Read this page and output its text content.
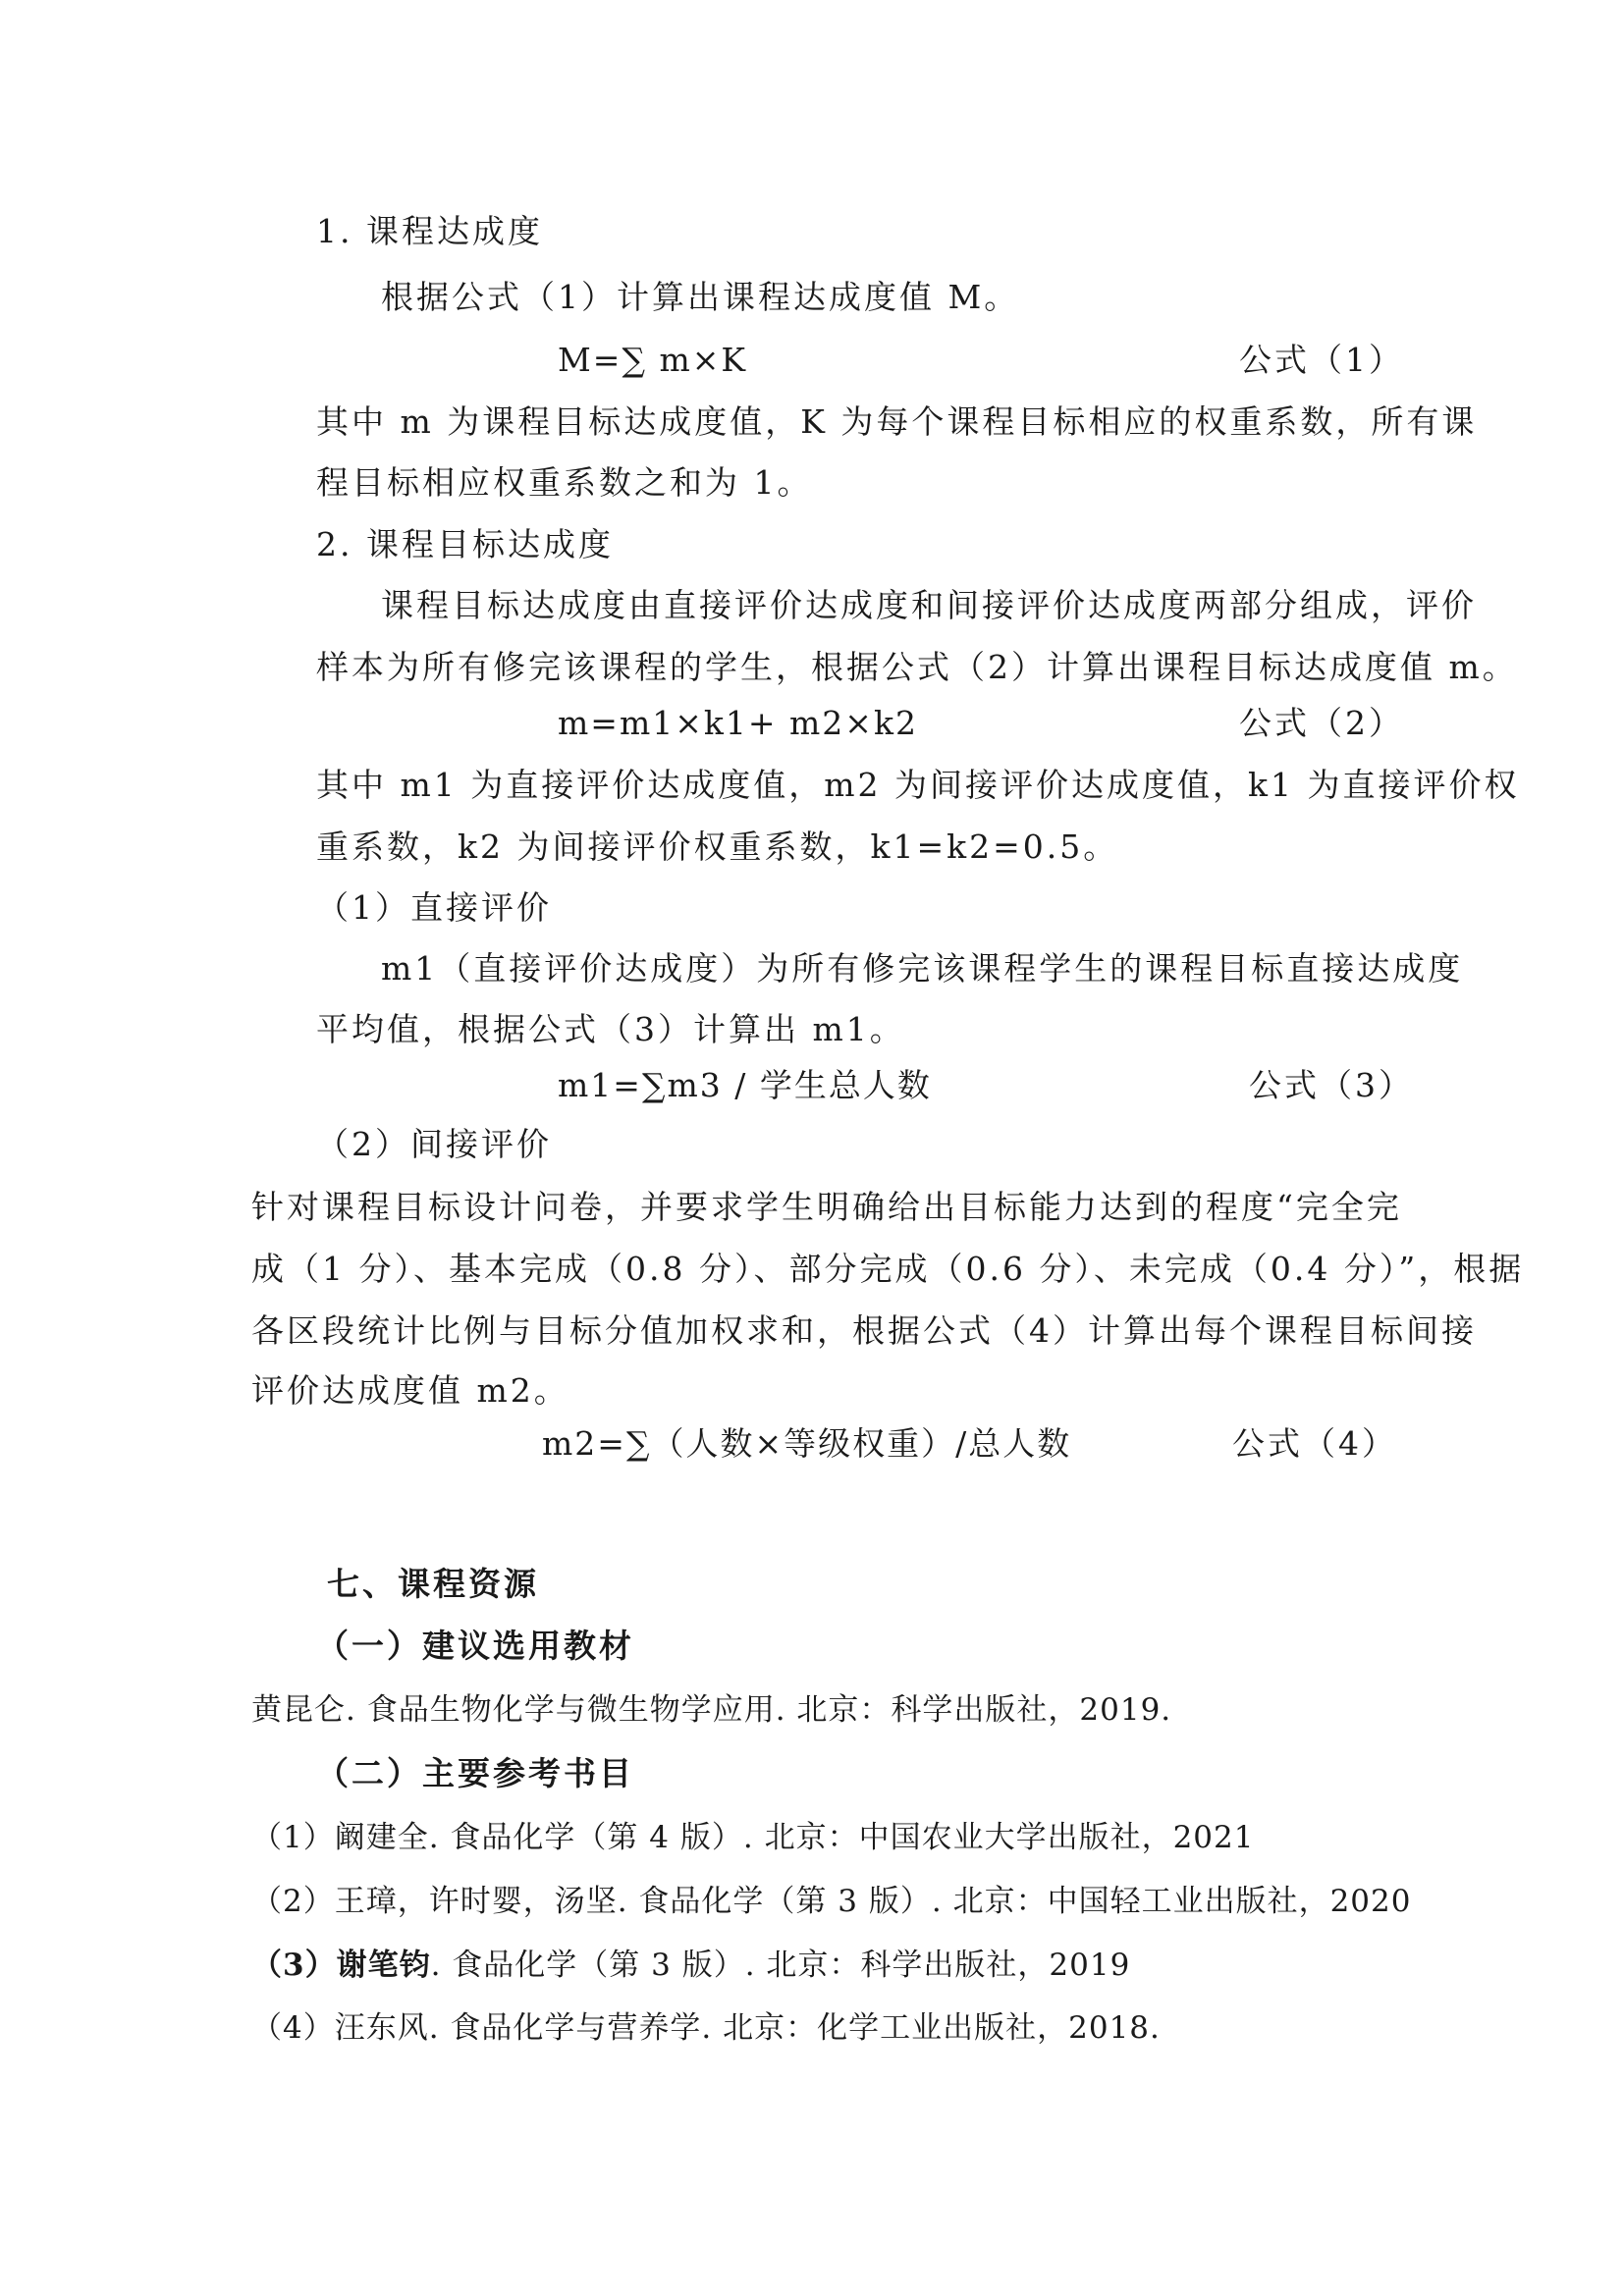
1. 课程达成度
根据公式（1）计算出课程达成度值 M。
M=∑ m×K	公式（1）
其中 m 为课程目标达成度值，K 为每个课程目标相应的权重系数，所有课
程目标相应权重系数之和为 1。
2. 课程目标达成度
课程目标达成度由直接评价达成度和间接评价达成度两部分组成，评价
样本为所有修完该课程的学生，根据公式（2）计算出课程目标达成度值 m。
m=m1×k1+ m2×k2	公式（2）
其中 m1 为直接评价达成度值，m2 为间接评价达成度值，k1 为直接评价权
重系数，k2 为间接评价权重系数，k1=k2=0.5。
（1）直接评价
m1（直接评价达成度）为所有修完该课程学生的课程目标直接达成度
平均值，根据公式（3）计算出 m1。
m1=∑m3 / 学生总人数	公式（3）
（2）间接评价
针对课程目标设计问卷，并要求学生明确给出目标能力达到的程度“完全完
成（1 分）、基本完成（0.8 分）、部分完成（0.6 分）、未完成（0.4 分）”，根据
各区段统计比例与目标分值加权求和，根据公式（4）计算出每个课程目标间接
评价达成度值 m2。
m2=∑（人数×等级权重）/总人数	公式（4）
七、课程资源
（一）建议选用教材
黄昆仑. 食品生物化学与微生物学应用. 北京：科学出版社，2019.
（二）主要参考书目
（1）阚建全. 食品化学（第 4 版）. 北京：中国农业大学出版社，2021
（2）王璋，许时婴，汤坚. 食品化学（第 3 版）. 北京：中国轻工业出版社，2020
（3）谢笔钧. 食品化学（第 3 版）. 北京：科学出版社，2019
（4）汪东风. 食品化学与营养学. 北京：化学工业出版社，2018.
